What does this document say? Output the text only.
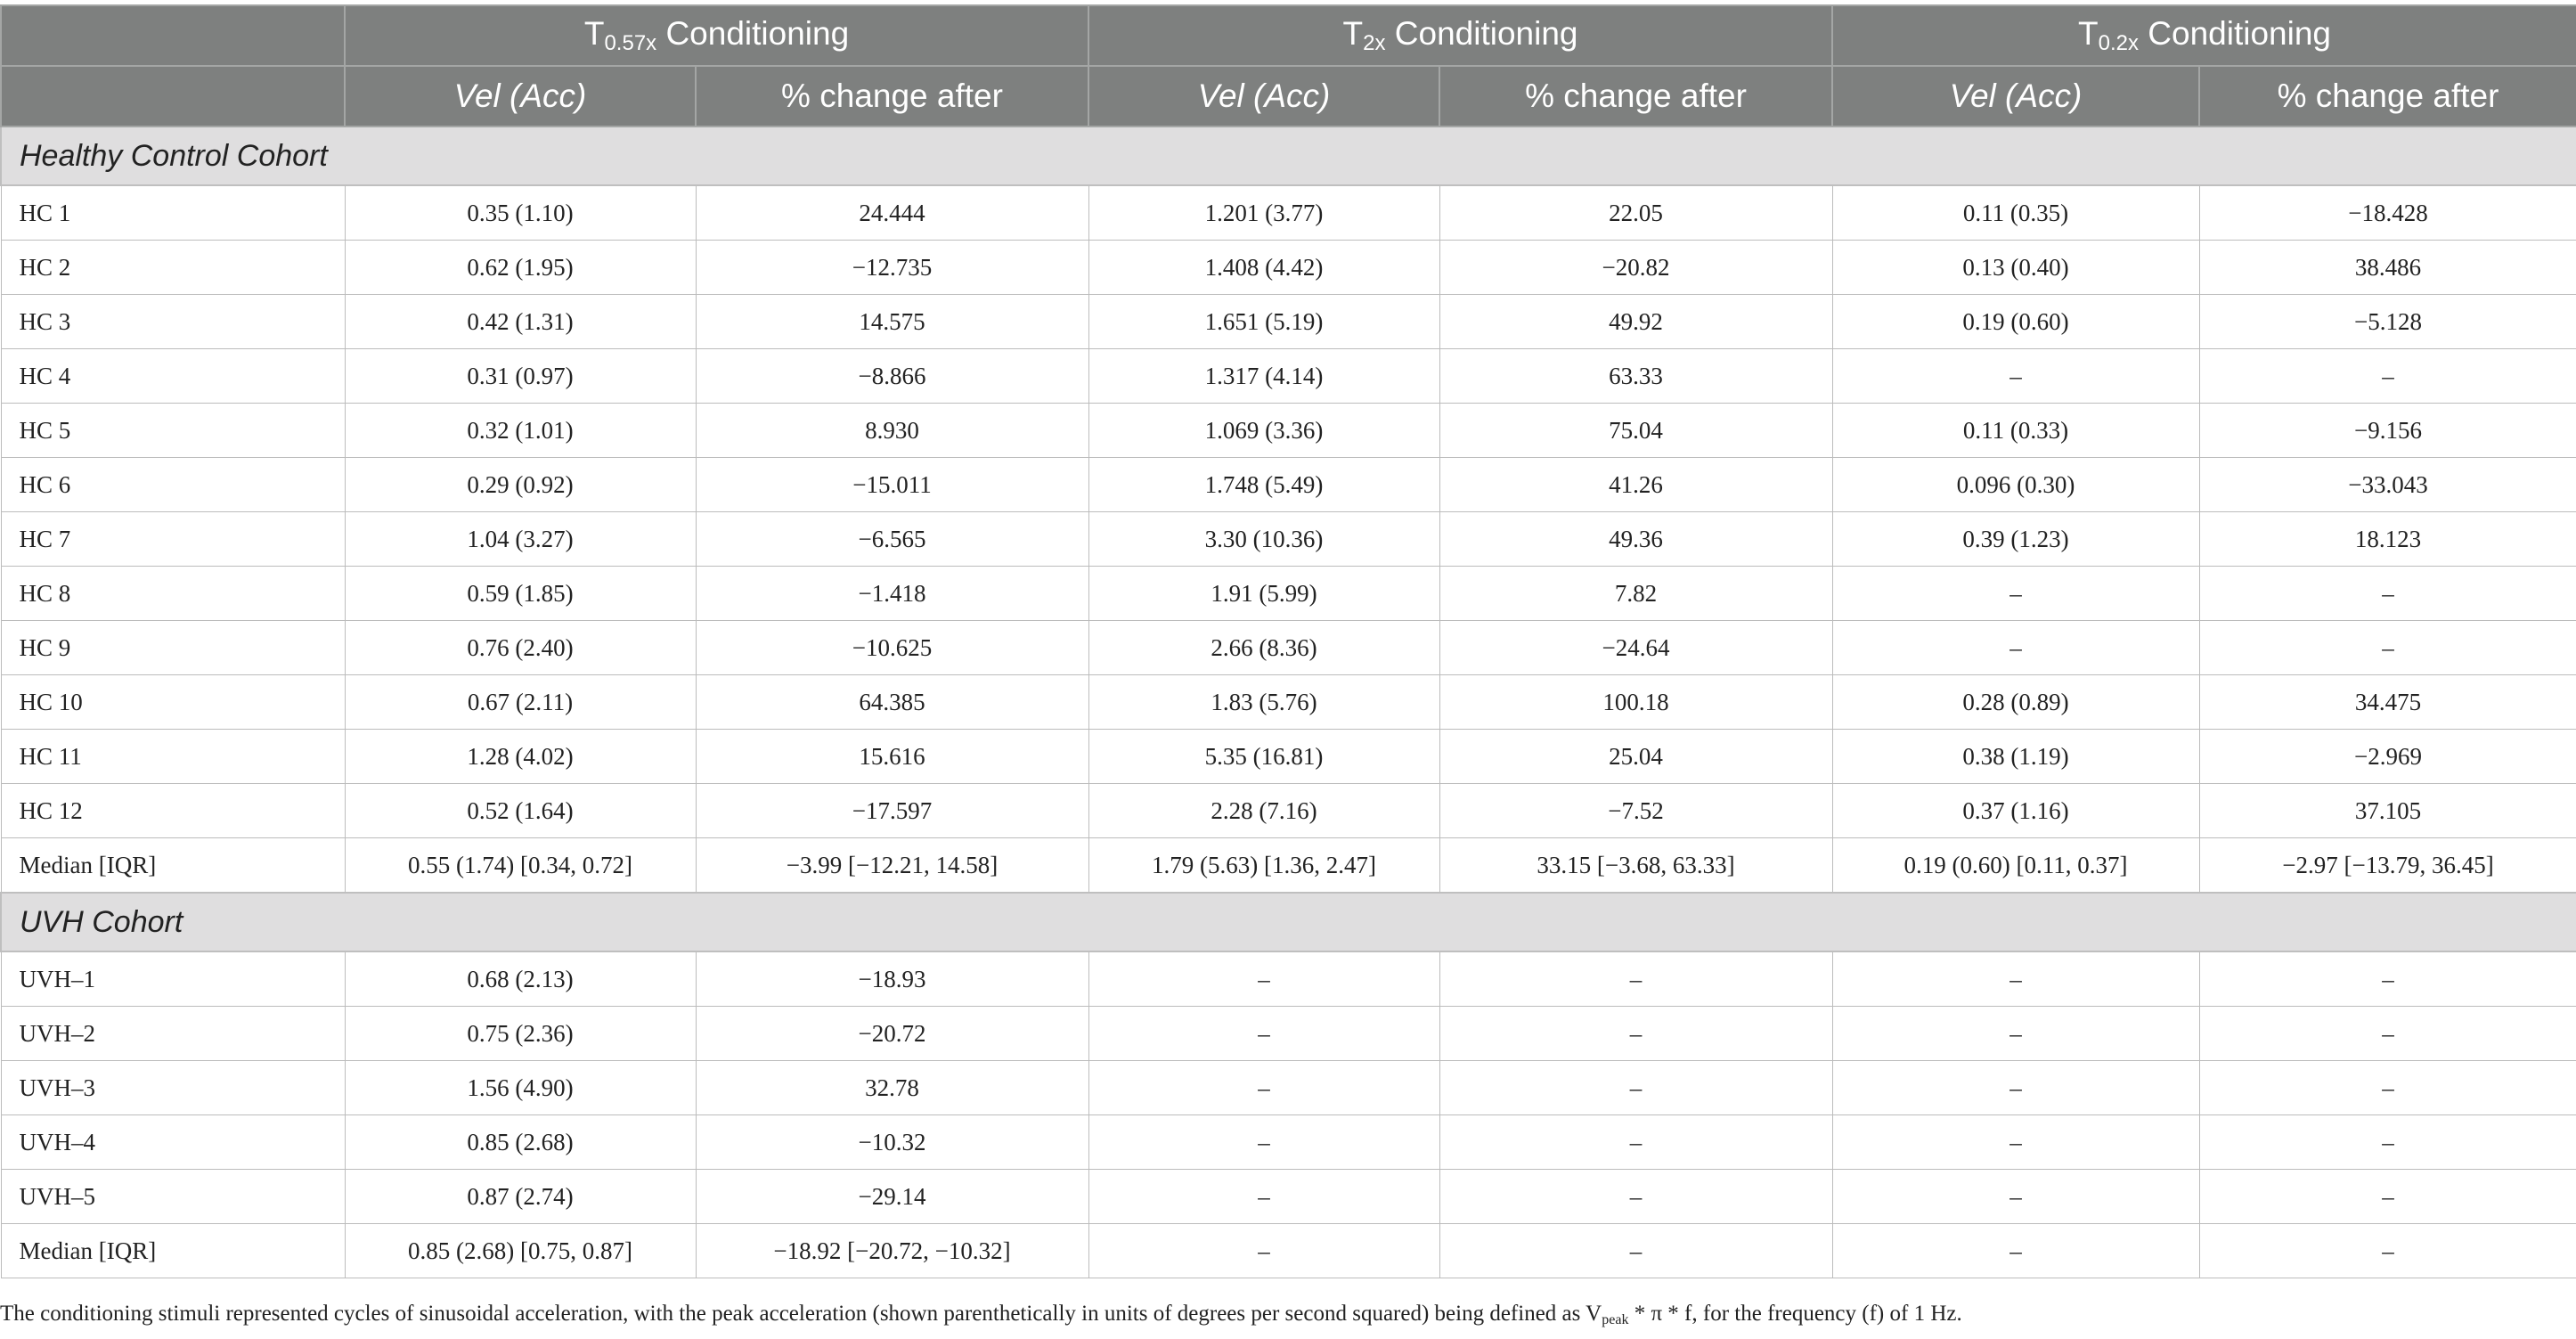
	$T_{0.57x}$ Conditioning		$T_{2x}$ Conditioning		$T_{0.2x}$ Conditioning	
	Vel (Acc)	% change after	Vel (Acc)	% change after	Vel (Acc)	% change after
Healthy Control Cohort						
HC 1	0.35 (1.10)	24.444	1.201 (3.77)	22.05	0.11 (0.35)	−18.428
HC 2	0.62 (1.95)	−12.735	1.408 (4.42)	−20.82	0.13 (0.40)	38.486
HC 3	0.42 (1.31)	14.575	1.651 (5.19)	49.92	0.19 (0.60)	−5.128
HC 4	0.31 (0.97)	−8.866	1.317 (4.14)	63.33	–	–
HC 5	0.32 (1.01)	8.930	1.069 (3.36)	75.04	0.11 (0.33)	−9.156
HC 6	0.29 (0.92)	−15.011	1.748 (5.49)	41.26	0.096 (0.30)	−33.043
HC 7	1.04 (3.27)	−6.565	3.30 (10.36)	49.36	0.39 (1.23)	18.123
HC 8	0.59 (1.85)	−1.418	1.91 (5.99)	7.82	–	–
HC 9	0.76 (2.40)	−10.625	2.66 (8.36)	−24.64	–	–
HC 10	0.67 (2.11)	64.385	1.83 (5.76)	100.18	0.28 (0.89)	34.475
HC 11	1.28 (4.02)	15.616	5.35 (16.81)	25.04	0.38 (1.19)	−2.969
HC 12	0.52 (1.64)	−17.597	2.28 (7.16)	−7.52	0.37 (1.16)	37.105
Median [IQR]	0.55 (1.74) [0.34, 0.72]	−3.99 [−12.21, 14.58]	1.79 (5.63) [1.36, 2.47]	33.15 [−3.68, 63.33]	0.19 (0.60) [0.11, 0.37]	−2.97 [−13.79, 36.45]
UVH Cohort						
UVH–1	0.68 (2.13)	−18.93	–	–	–	–
UVH–2	0.75 (2.36)	−20.72	–	–	–	–
UVH–3	1.56 (4.90)	32.78	–	–	–	–
UVH–4	0.85 (2.68)	−10.32	–	–	–	–
UVH–5	0.87 (2.74)	−29.14	–	–	–	–
Median [IQR]	0.85 (2.68) [0.75, 0.87]	−18.92 [−20.72, −10.32]	–	–	–	–
The conditioning stimuli represented cycles of sinusoidal acceleration, with the peak acceleration (shown parenthetically in units of degrees per second squared) being defined as Vpeak * π * f, for the frequency (f) of 1 Hz.
